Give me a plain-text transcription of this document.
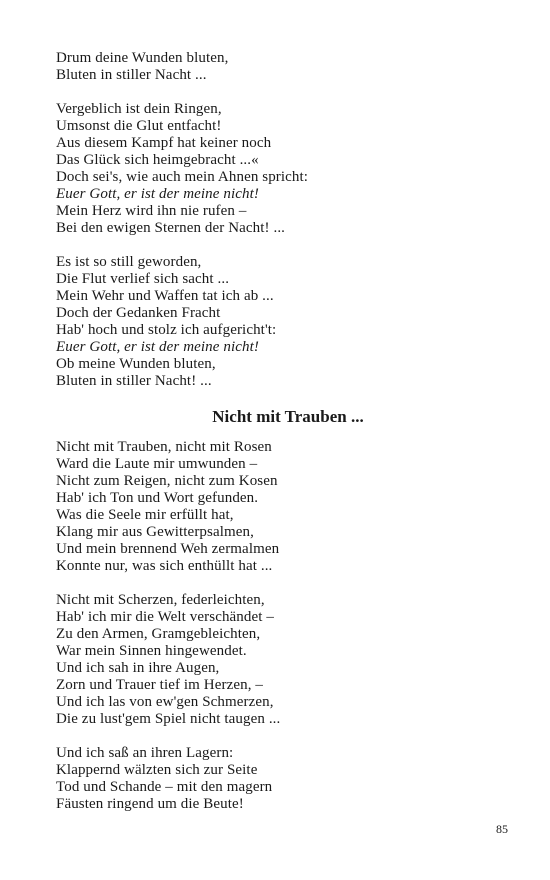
Drum deine Wunden bluten,
Bluten in stiller Nacht ...
Vergeblich ist dein Ringen,
Umsonst die Glut entfacht!
Aus diesem Kampf hat keiner noch
Das Glück sich heimgebracht ...«
Doch sei's, wie auch mein Ahnen spricht:
Euer Gott, er ist der meine nicht!
Mein Herz wird ihn nie rufen –
Bei den ewigen Sternen der Nacht! ...
Es ist so still geworden,
Die Flut verlief sich sacht ...
Mein Wehr und Waffen tat ich ab ...
Doch der Gedanken Fracht
Hab' hoch und stolz ich aufgericht't:
Euer Gott, er ist der meine nicht!
Ob meine Wunden bluten,
Bluten in stiller Nacht! ...
Nicht mit Trauben ...
Nicht mit Trauben, nicht mit Rosen
Ward die Laute mir umwunden –
Nicht zum Reigen, nicht zum Kosen
Hab' ich Ton und Wort gefunden.
Was die Seele mir erfüllt hat,
Klang mir aus Gewitterpsalmen,
Und mein brennend Weh zermalmen
Konnte nur, was sich enthüllt hat ...
Nicht mit Scherzen, federleichten,
Hab' ich mir die Welt verschändet –
Zu den Armen, Gramgebleichten,
War mein Sinnen hingewendet.
Und ich sah in ihre Augen,
Zorn und Trauer tief im Herzen, –
Und ich las von ew'gen Schmerzen,
Die zu lust'gem Spiel nicht taugen ...
Und ich saß an ihren Lagern:
Klappernd wälzten sich zur Seite
Tod und Schande – mit den magern
Fäusten ringend um die Beute!
85
